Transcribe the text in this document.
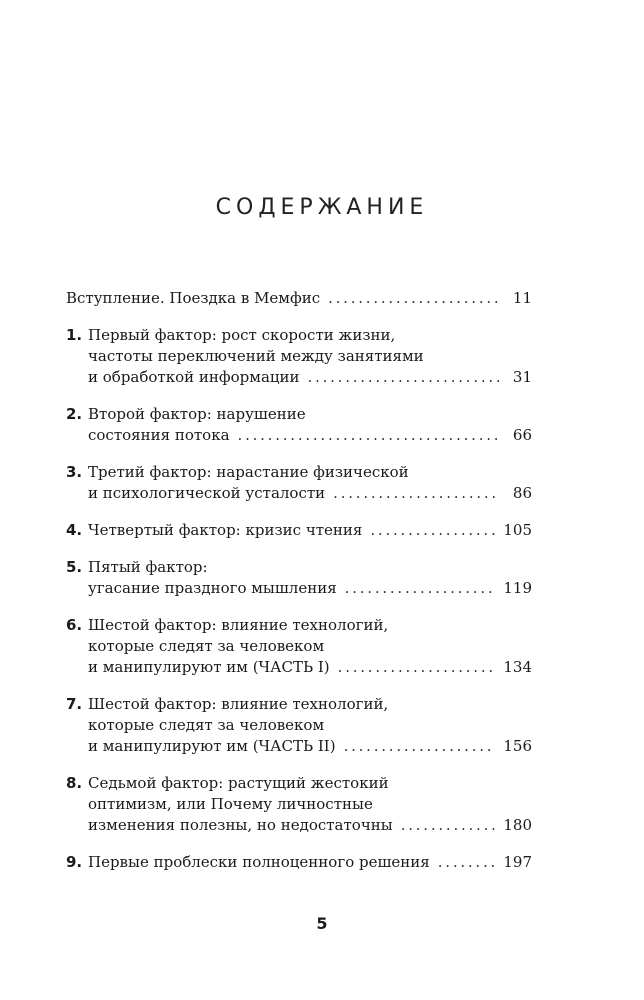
СОДЕРЖАНИЕ
Вступление. Поездка в Мемфис . . .	11
1. Первый фактор: рост скорости жизни,
частоты переключений между занятиями
и обработкой информации . . .	31
2. Второй фактор: нарушение
состояния потока . . .	66
3. Третий фактор: нарастание физической
и психологической усталости . . .	86
4. Четвертый фактор: кризис чтения . . .	105
5. Пятый фактор:
угасание праздного мышления . . .	119
6. Шестой фактор: влияние технологий,
которые следят за человеком
и манипулируют им (ЧАСТЬ I) . . .	134
7. Шестой фактор: влияние технологий,
которые следят за человеком
и манипулируют им (ЧАСТЬ II) . . .	156
8. Седьмой фактор: растущий жестокий
оптимизм, или Почему личностные
изменения полезны, но недостаточны . . .	180
9. Первые проблески полноценного решения . . .	197
5
